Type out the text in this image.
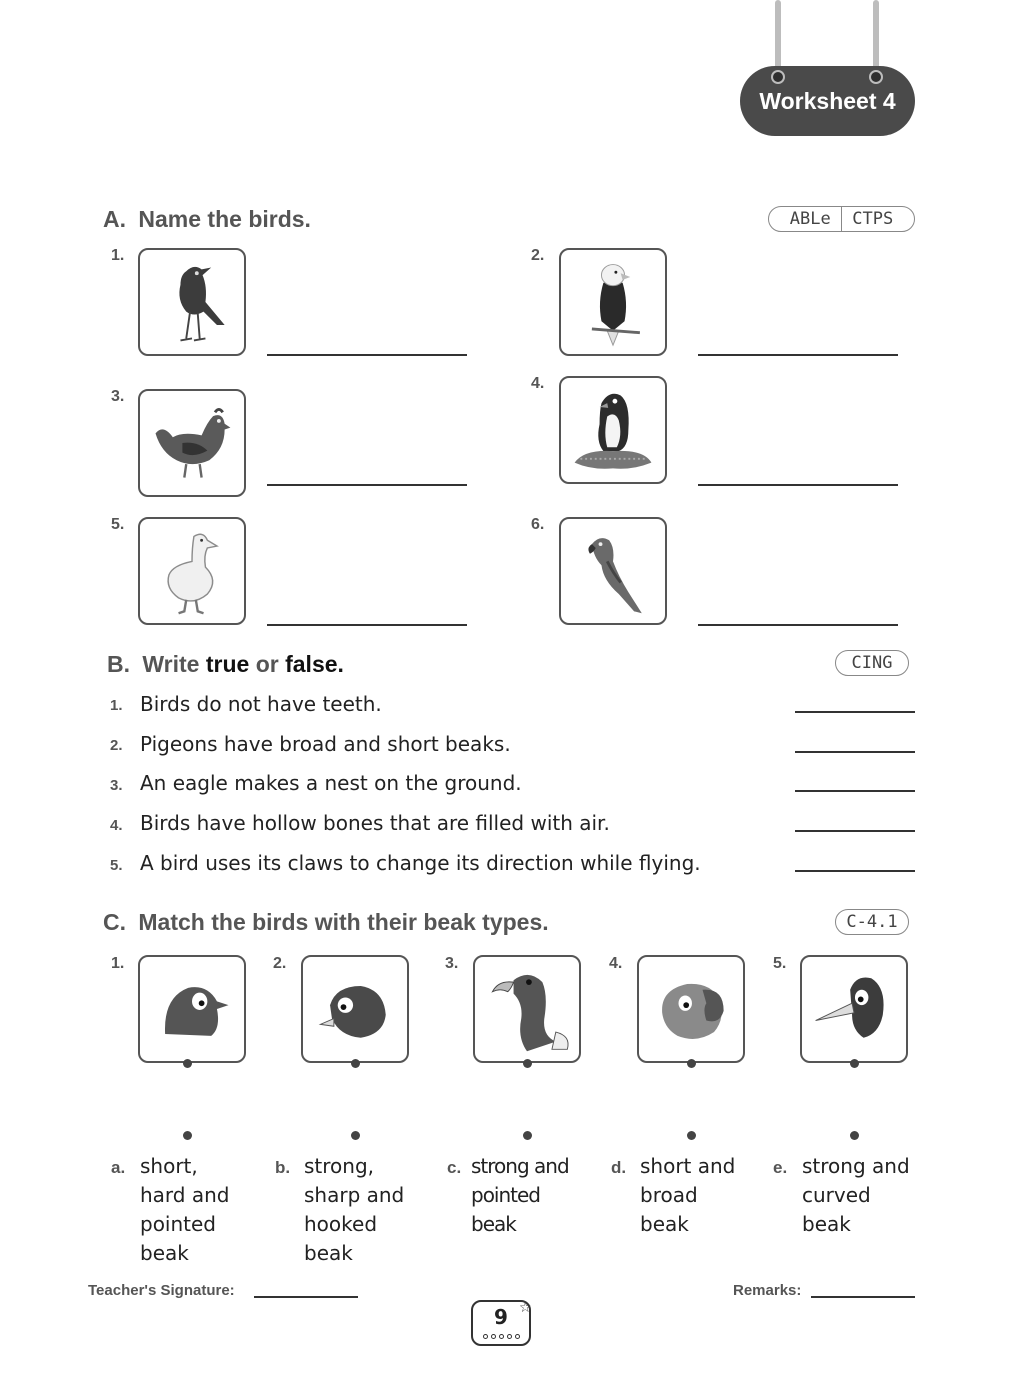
Worksheet 4
A. Name the birds.	ABLe	CTPS
1.	2.
3.
4.
5.	6.
B. Write true or false.	CING
1. Birds do not have teeth.
2. Pigeons have broad and short beaks.
3. An eagle makes a nest on the ground.
4. Birds have hollow bones that are filled with air.
5. A bird uses its claws to change its direction while flying.
C. Match the birds with their beak types.	C-4.1
1.	2.	3.	4.	5.
a. short,
hard and
pointed
beak
b. strong,
sharp and
hooked
beak
c. strong and
pointed
beak
d. short and
broad
beak
e. strong and
curved
beak
Teacher's Signature:	Remarks:
9 ☆
